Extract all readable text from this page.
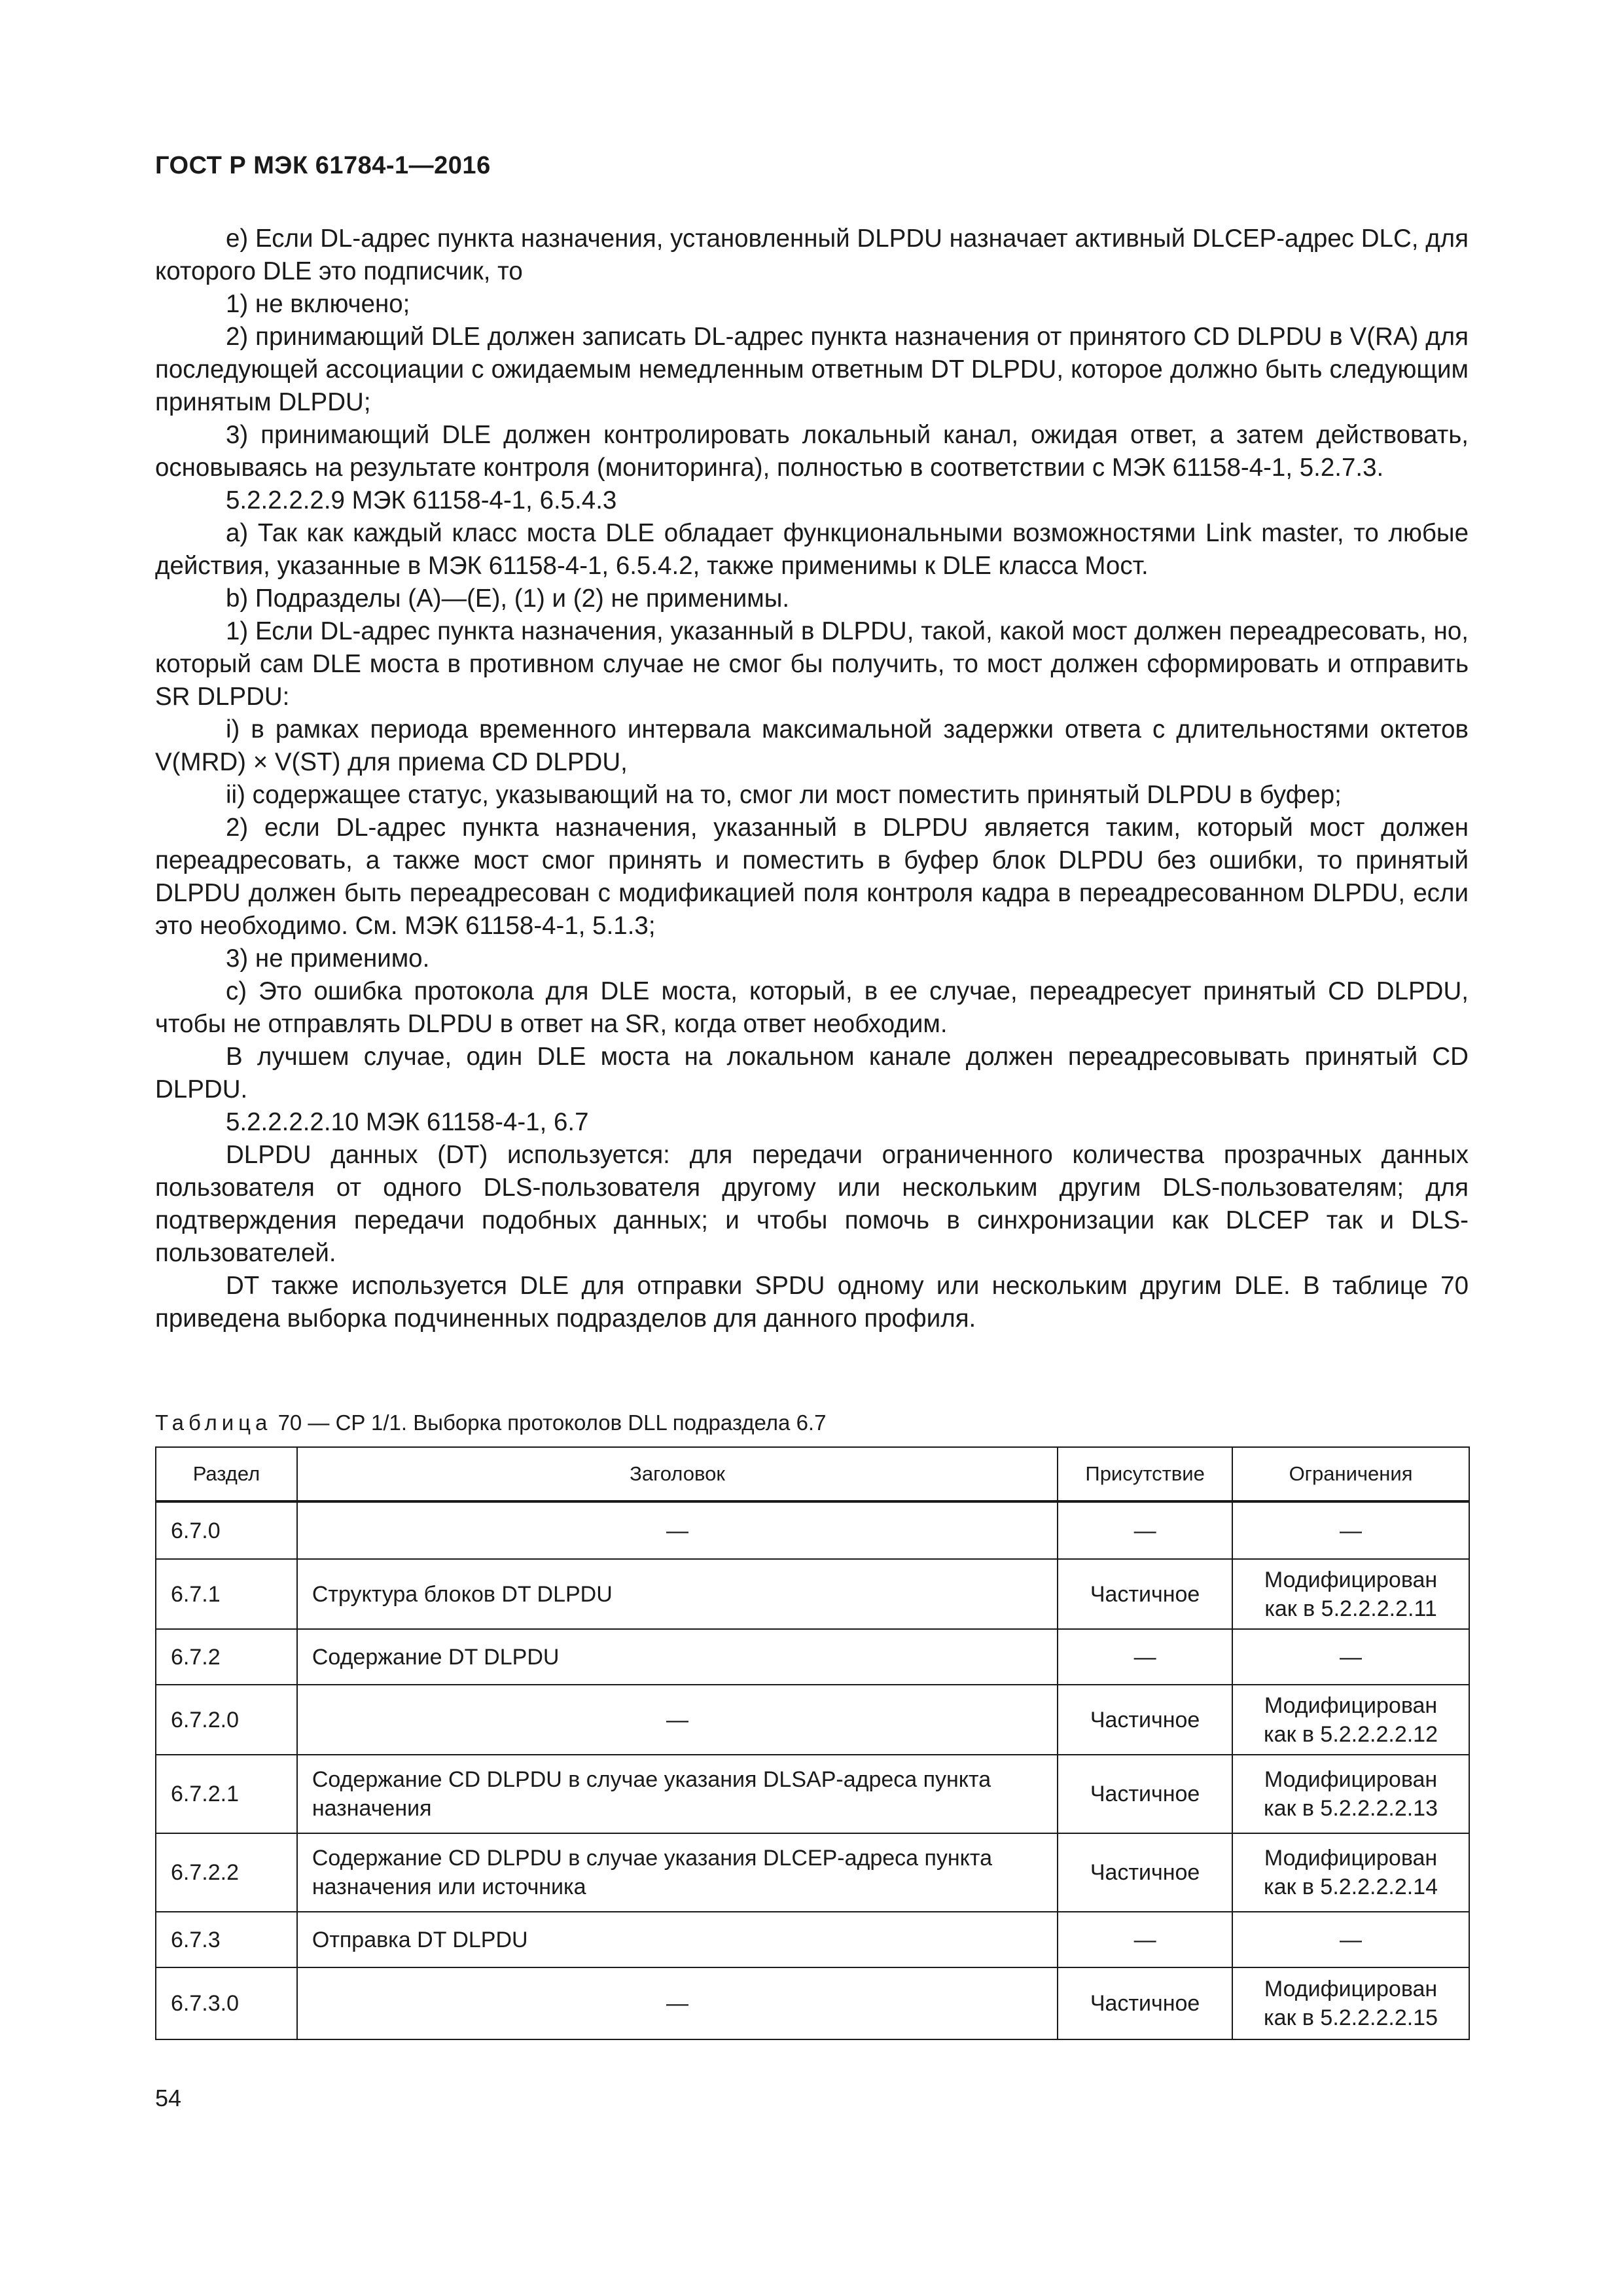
ГОСТ Р МЭК 61784-1—2016

е) Если DL-адрес пункта назначения, установленный DLPDU назначает активный DLCEP-адрес DLC, для которого DLE это подписчик, то

1) не включено;

2) принимающий DLE должен записать DL-адрес пункта назначения от принятого CD DLPDU в V(RA) для последующей ассоциации с ожидаемым немедленным ответным DT DLPDU, которое должно быть следующим принятым DLPDU;

3) принимающий DLE должен контролировать локальный канал, ожидая ответ, а затем действовать, основываясь на результате контроля (мониторинга), полностью в соответствии с МЭК 61158-4-1, 5.2.7.3.

5.2.2.2.2.9 МЭК 61158-4-1, 6.5.4.3

а) Так как каждый класс моста DLE обладает функциональными возможностями Link master, то любые действия, указанные в МЭК 61158-4-1, 6.5.4.2, также применимы к DLE класса Мост.

b) Подразделы (А)—(Е), (1) и (2) не применимы.

1) Если DL-адрес пункта назначения, указанный в DLPDU, такой, какой мост должен переадресовать, но, который сам DLE моста в противном случае не смог бы получить, то мост должен сформировать и отправить SR DLPDU:

i) в рамках периода временного интервала максимальной задержки ответа с длительностями октетов V(MRD) × V(ST) для приема CD DLPDU,

ii) содержащее статус, указывающий на то, смог ли мост поместить принятый DLPDU в буфер;

2) если DL-адрес пункта назначения, указанный в DLPDU является таким, который мост должен переадресовать, а также мост смог принять и поместить в буфер блок DLPDU без ошибки, то принятый DLPDU должен быть переадресован с модификацией поля контроля кадра в переадресованном DLPDU, если это необходимо. См. МЭК 61158-4-1, 5.1.3;

3) не применимо.

с) Это ошибка протокола для DLE моста, который, в ее случае, переадресует принятый CD DLPDU, чтобы не отправлять DLPDU в ответ на SR, когда ответ необходим.

В лучшем случае, один DLE моста на локальном канале должен переадресовывать принятый CD DLPDU.

5.2.2.2.2.10 МЭК 61158-4-1, 6.7

DLPDU данных (DT) используется: для передачи ограниченного количества прозрачных данных пользователя от одного DLS-пользователя другому или нескольким другим DLS-пользователям; для подтверждения передачи подобных данных; и чтобы помочь в синхронизации как DLCEP так и DLS-пользователей.

DT также используется DLE для отправки SPDU одному или нескольким другим DLE. В таблице 70 приведена выборка подчиненных подразделов для данного профиля.

Таблица 70 — CP 1/1. Выборка протоколов DLL подраздела 6.7
Раздел	Заголовок	Присутствие	Ограничения
6.7.0	—	—	—
6.7.1	Структура блоков DT DLPDU	Частичное	Модифицирован как в 5.2.2.2.2.11
6.7.2	Содержание DT DLPDU	—	—
6.7.2.0	—	Частичное	Модифицирован как в 5.2.2.2.2.12
6.7.2.1	Содержание CD DLPDU в случае указания DLSAP-адреса пункта назначения	Частичное	Модифицирован как в 5.2.2.2.2.13
6.7.2.2	Содержание CD DLPDU в случае указания DLCEP-адреса пункта назначения или источника	Частичное	Модифицирован как в 5.2.2.2.2.14
6.7.3	Отправка DT DLPDU	—	—
6.7.3.0	—	Частичное	Модифицирован как в 5.2.2.2.2.15
54
